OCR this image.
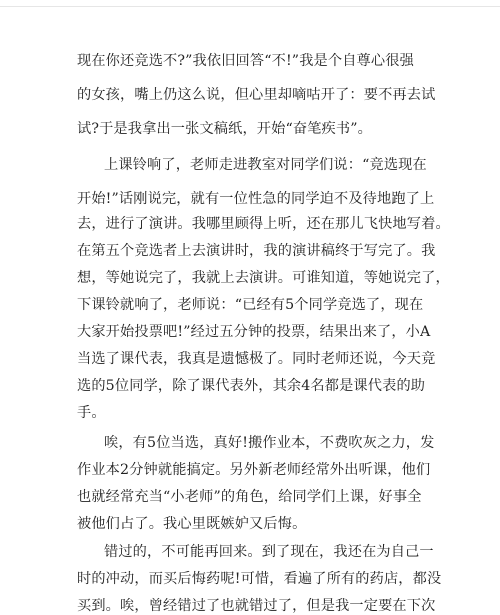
现在你还竞选不?”我依旧回答“不!”我是个自尊心很强
的女孩，嘴上仍这么说，但心里却嘀咕开了：要不再去试
试?于是我拿出一张文稿纸，开始“奋笔疾书”。
上课铃响了，老师走进教室对同学们说：“竞选现在
开始!”话刚说完，就有一位性急的同学迫不及待地跑了上
去，进行了演讲。我哪里顾得上听，还在那儿飞快地写着。
在第五个竞选者上去演讲时，我的演讲稿终于写完了。我
想，等她说完了，我就上去演讲。可谁知道，等她说完了，
下课铃就响了，老师说：“已经有5个同学竞选了，现在
大家开始投票吧!”经过五分钟的投票，结果出来了，小A
当选了课代表，我真是遗憾极了。同时老师还说，今天竞
选的5位同学，除了课代表外，其余4名都是课代表的助
手。
唉，有5位当选，真好!搬作业本，不费吹灰之力，发
作业本2分钟就能搞定。另外新老师经常外出听课，他们
也就经常充当“小老师”的角色，给同学们上课，好事全
被他们占了。我心里既嫉妒又后悔。
错过的，不可能再回来。到了现在，我还在为自己一
时的冲动，而买后悔药呢!可惜，看遍了所有的药店，都没
买到。唉，曾经错过了也就错过了，但是我一定要在下次
